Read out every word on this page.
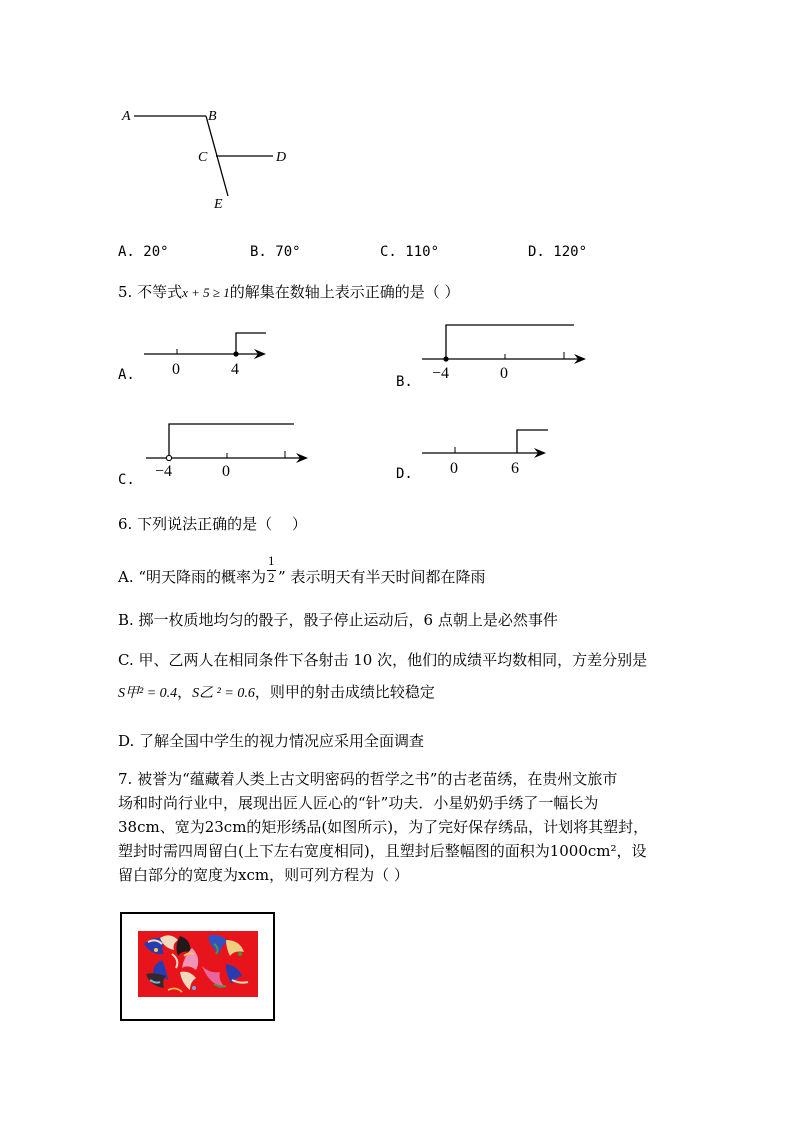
A	B
C	D
E
A. 20°	B. 70°	C. 110°	D. 120°
5. 不等式x + 5 ≥ 1的解集在数轴上表示正确的是（ ）
A. 0	4
B. −4	0
C. −4	0	D. 0	6
6. 下列说法正确的是（　 ）
A. “明天降雨的概率为 $\frac{1}{2}$ ” 表示明天有半天时间都在降雨
B. 掷一枚质地均匀的骰子，骰子停止运动后，6 点朝上是必然事件
C. 甲、乙两人在相同条件下各射击 10 次，他们的成绩平均数相同，方差分别是
S甲² = 0.4，S乙 ² = 0.6，则甲的射击成绩比较稳定
D. 了解全国中学生的视力情况应采用全面调查
7. 被誉为“蕴藏着人类上古文明密码的哲学之书”的古老苗绣，在贵州文旅市
场和时尚行业中，展现出匠人匠心的“针”功夫．小星奶奶手绣了一幅长为
38cm、宽为23cm的矩形绣品(如图所示)，为了完好保存绣品，计划将其塑封，
塑封时需四周留白(上下左右宽度相同)，且塑封后整幅图的面积为1000cm²，设
留白部分的宽度为xcm，则可列方程为（ ）
